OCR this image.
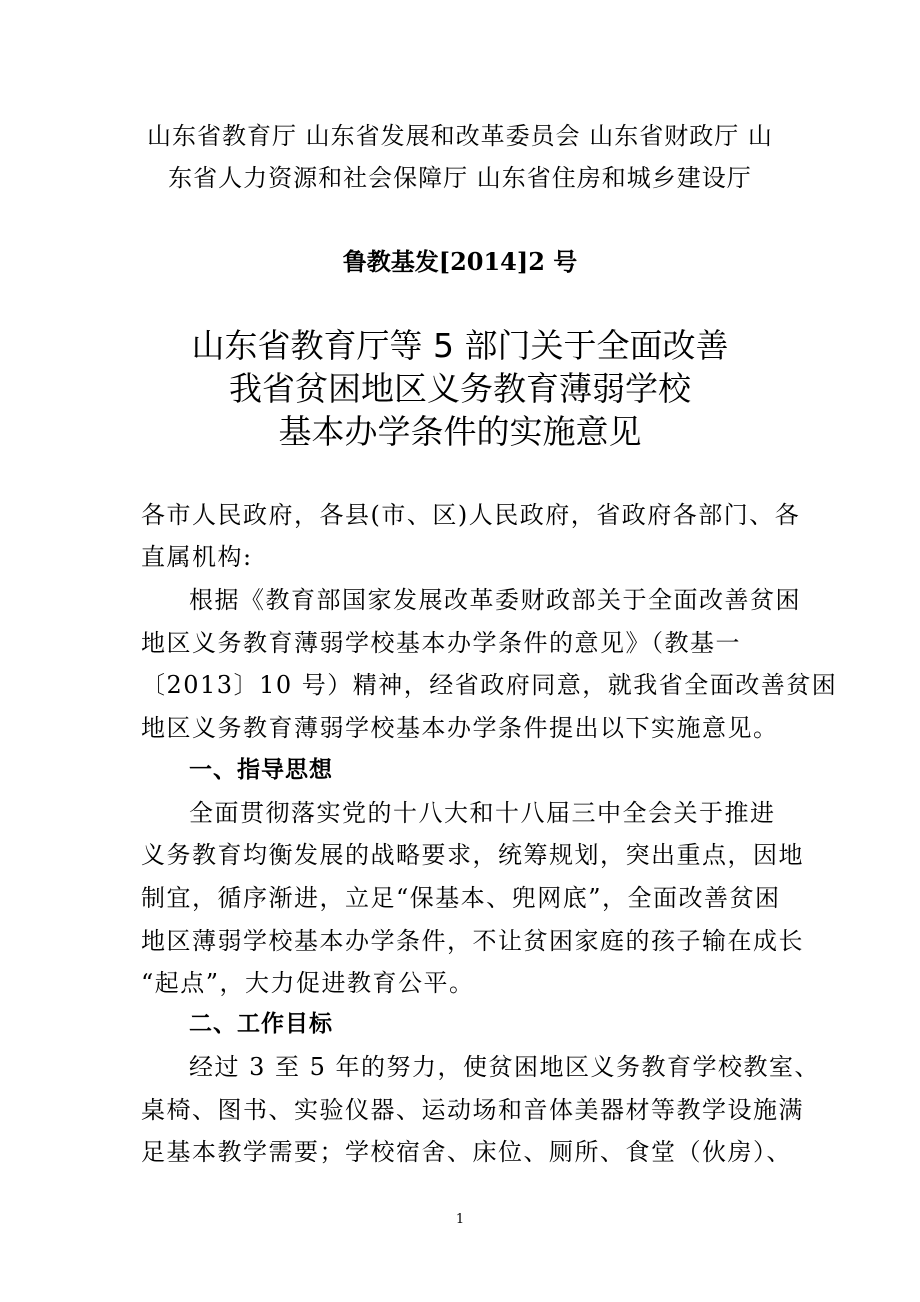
山东省教育厅 山东省发展和改革委员会 山东省财政厅 山

东省人力资源和社会保障厅 山东省住房和城乡建设厅

鲁教基发[2014]2 号

山东省教育厅等 5 部门关于全面改善

我省贫困地区义务教育薄弱学校

基本办学条件的实施意见

各市人民政府，各县(市、区)人民政府，省政府各部门、各

直属机构:

根据《教育部国家发展改革委财政部关于全面改善贫困

地区义务教育薄弱学校基本办学条件的意见》（教基一

〔2013〕10 号）精神，经省政府同意，就我省全面改善贫困

地区义务教育薄弱学校基本办学条件提出以下实施意见。

一、指导思想

全面贯彻落实党的十八大和十八届三中全会关于推进

义务教育均衡发展的战略要求，统筹规划，突出重点，因地

制宜，循序渐进，立足“保基本、兜网底”，全面改善贫困

地区薄弱学校基本办学条件，不让贫困家庭的孩子输在成长

“起点”，大力促进教育公平。

二、工作目标

经过 3 至 5 年的努力，使贫困地区义务教育学校教室、

桌椅、图书、实验仪器、运动场和音体美器材等教学设施满

足基本教学需要；学校宿舍、床位、厕所、食堂（伙房）、

1
